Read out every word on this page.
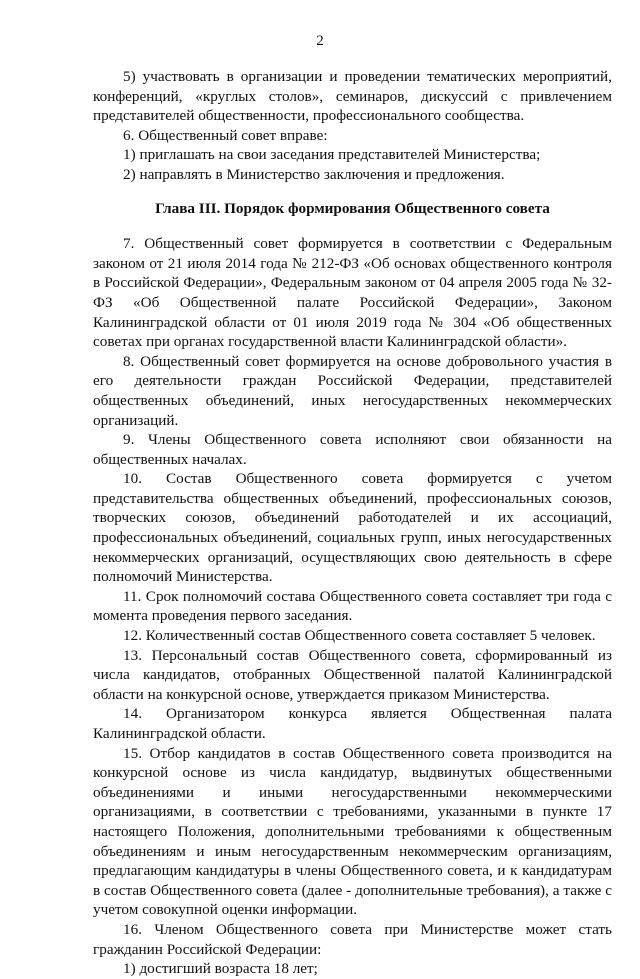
2

5) участвовать в организации и проведении тематических мероприятий, конференций, «круглых столов», семинаров, дискуссий с привлечением представителей общественности, профессионального сообщества.

6. Общественный совет вправе:

1) приглашать на свои заседания представителей Министерства;

2) направлять в Министерство заключения и предложения.

Глава III. Порядок формирования Общественного совета

7. Общественный совет формируется в соответствии с Федеральным законом от 21 июля 2014 года № 212-ФЗ «Об основах общественного контроля в Российской Федерации», Федеральным законом от 04 апреля 2005 года № 32-ФЗ «Об Общественной палате Российской Федерации», Законом Калининградской области от 01 июля 2019 года № 304 «Об общественных советах при органах государственной власти Калининградской области».

8. Общественный совет формируется на основе добровольного участия в его деятельности граждан Российской Федерации, представителей общественных объединений, иных негосударственных некоммерческих организаций.

9. Члены Общественного совета исполняют свои обязанности на общественных началах.

10. Состав Общественного совета формируется с учетом представительства общественных объединений, профессиональных союзов, творческих союзов, объединений работодателей и их ассоциаций, профессиональных объединений, социальных групп, иных негосударственных некоммерческих организаций, осуществляющих свою деятельность в сфере полномочий Министерства.

11. Срок полномочий состава Общественного совета составляет три года с момента проведения первого заседания.

12. Количественный состав Общественного совета составляет 5 человек.

13. Персональный состав Общественного совета, сформированный из числа кандидатов, отобранных Общественной палатой Калининградской области на конкурсной основе, утверждается приказом Министерства.

14. Организатором конкурса является Общественная палата Калининградской области.

15. Отбор кандидатов в состав Общественного совета производится на конкурсной основе из числа кандидатур, выдвинутых общественными объединениями и иными негосударственными некоммерческими организациями, в соответствии с требованиями, указанными в пункте 17 настоящего Положения, дополнительными требованиями к общественным объединениям и иным негосударственным некоммерческим организациям, предлагающим кандидатуры в члены Общественного совета, и к кандидатурам в состав Общественного совета (далее - дополнительные требования), а также с учетом совокупной оценки информации.

16. Членом Общественного совета при Министерстве может стать гражданин Российской Федерации:

1) достигший возраста 18 лет;
